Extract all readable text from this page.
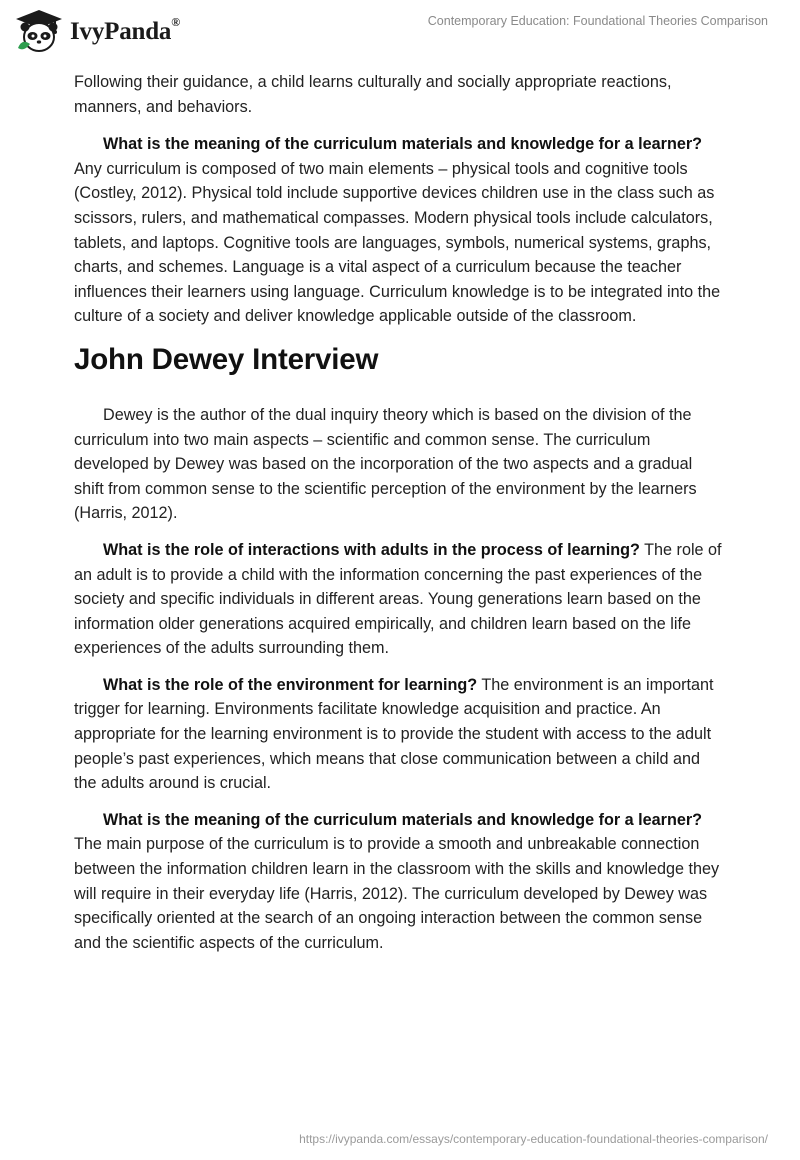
IvyPanda®	Contemporary Education: Foundational Theories Comparison

Following their guidance, a child learns culturally and socially appropriate reactions, manners, and behaviors.

What is the meaning of the curriculum materials and knowledge for a learner? Any curriculum is composed of two main elements – physical tools and cognitive tools (Costley, 2012). Physical told include supportive devices children use in the class such as scissors, rulers, and mathematical compasses. Modern physical tools include calculators, tablets, and laptops. Cognitive tools are languages, symbols, numerical systems, graphs, charts, and schemes. Language is a vital aspect of a curriculum because the teacher influences their learners using language. Curriculum knowledge is to be integrated into the culture of a society and deliver knowledge applicable outside of the classroom.

John Dewey Interview

Dewey is the author of the dual inquiry theory which is based on the division of the curriculum into two main aspects – scientific and common sense. The curriculum developed by Dewey was based on the incorporation of the two aspects and a gradual shift from common sense to the scientific perception of the environment by the learners (Harris, 2012).

What is the role of interactions with adults in the process of learning? The role of an adult is to provide a child with the information concerning the past experiences of the society and specific individuals in different areas. Young generations learn based on the information older generations acquired empirically, and children learn based on the life experiences of the adults surrounding them.

What is the role of the environment for learning? The environment is an important trigger for learning. Environments facilitate knowledge acquisition and practice. An appropriate for the learning environment is to provide the student with access to the adult people’s past experiences, which means that close communication between a child and the adults around is crucial.

What is the meaning of the curriculum materials and knowledge for a learner? The main purpose of the curriculum is to provide a smooth and unbreakable connection between the information children learn in the classroom with the skills and knowledge they will require in their everyday life (Harris, 2012). The curriculum developed by Dewey was specifically oriented at the search of an ongoing interaction between the common sense and the scientific aspects of the curriculum.

https://ivypanda.com/essays/contemporary-education-foundational-theories-comparison/
